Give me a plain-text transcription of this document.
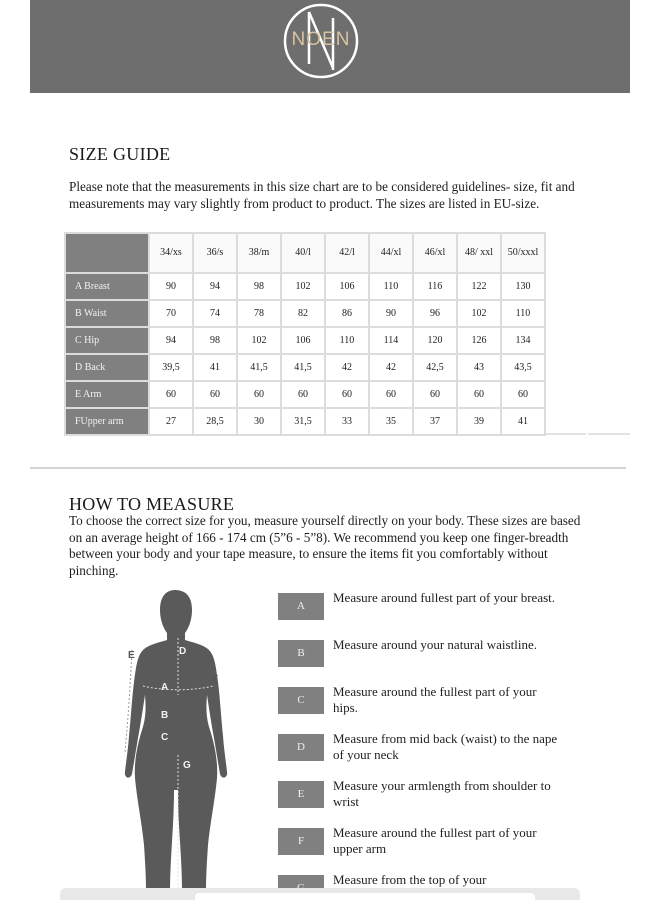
NOEN
SIZE GUIDE
Please note that the measurements in this size chart are to be considered guidelines- size, fit and measurements may vary slightly from product to product. The sizes are listed in EU-size.
	34/xs	36/s	38/m	40/l	42/l	44/xl	46/xl	48/ xxl	50/xxxl
A Breast	90	94	98	102	106	110	116	122	130
B Waist	70	74	78	82	86	90	96	102	110
C Hip	94	98	102	106	110	114	120	126	134
D Back	39,5	41	41,5	41,5	42	42	42,5	43	43,5
E Arm	60	60	60	60	60	60	60	60	60
FUpper arm	27	28,5	30	31,5	33	35	37	39	41
HOW TO MEASURE
To choose the correct size for you, measure yourself directly on your body. These sizes are based on an average height of 166 - 174 cm (5”6 - 5”8). We recommend you keep one finger-breadth between your body and your tape measure, to ensure the items fit you comfortably without pinching.
E	D
F
A
B
C
G
A
Measure around fullest part of your breast.
B
Measure around your natural waistline.
C
Measure around the fullest part of your hips.
D
Measure from mid back (waist) to the nape of your neck
E
Measure your armlength from shoulder to wrist
F
Measure around the fullest part of your upper arm
Measure from the top of your
